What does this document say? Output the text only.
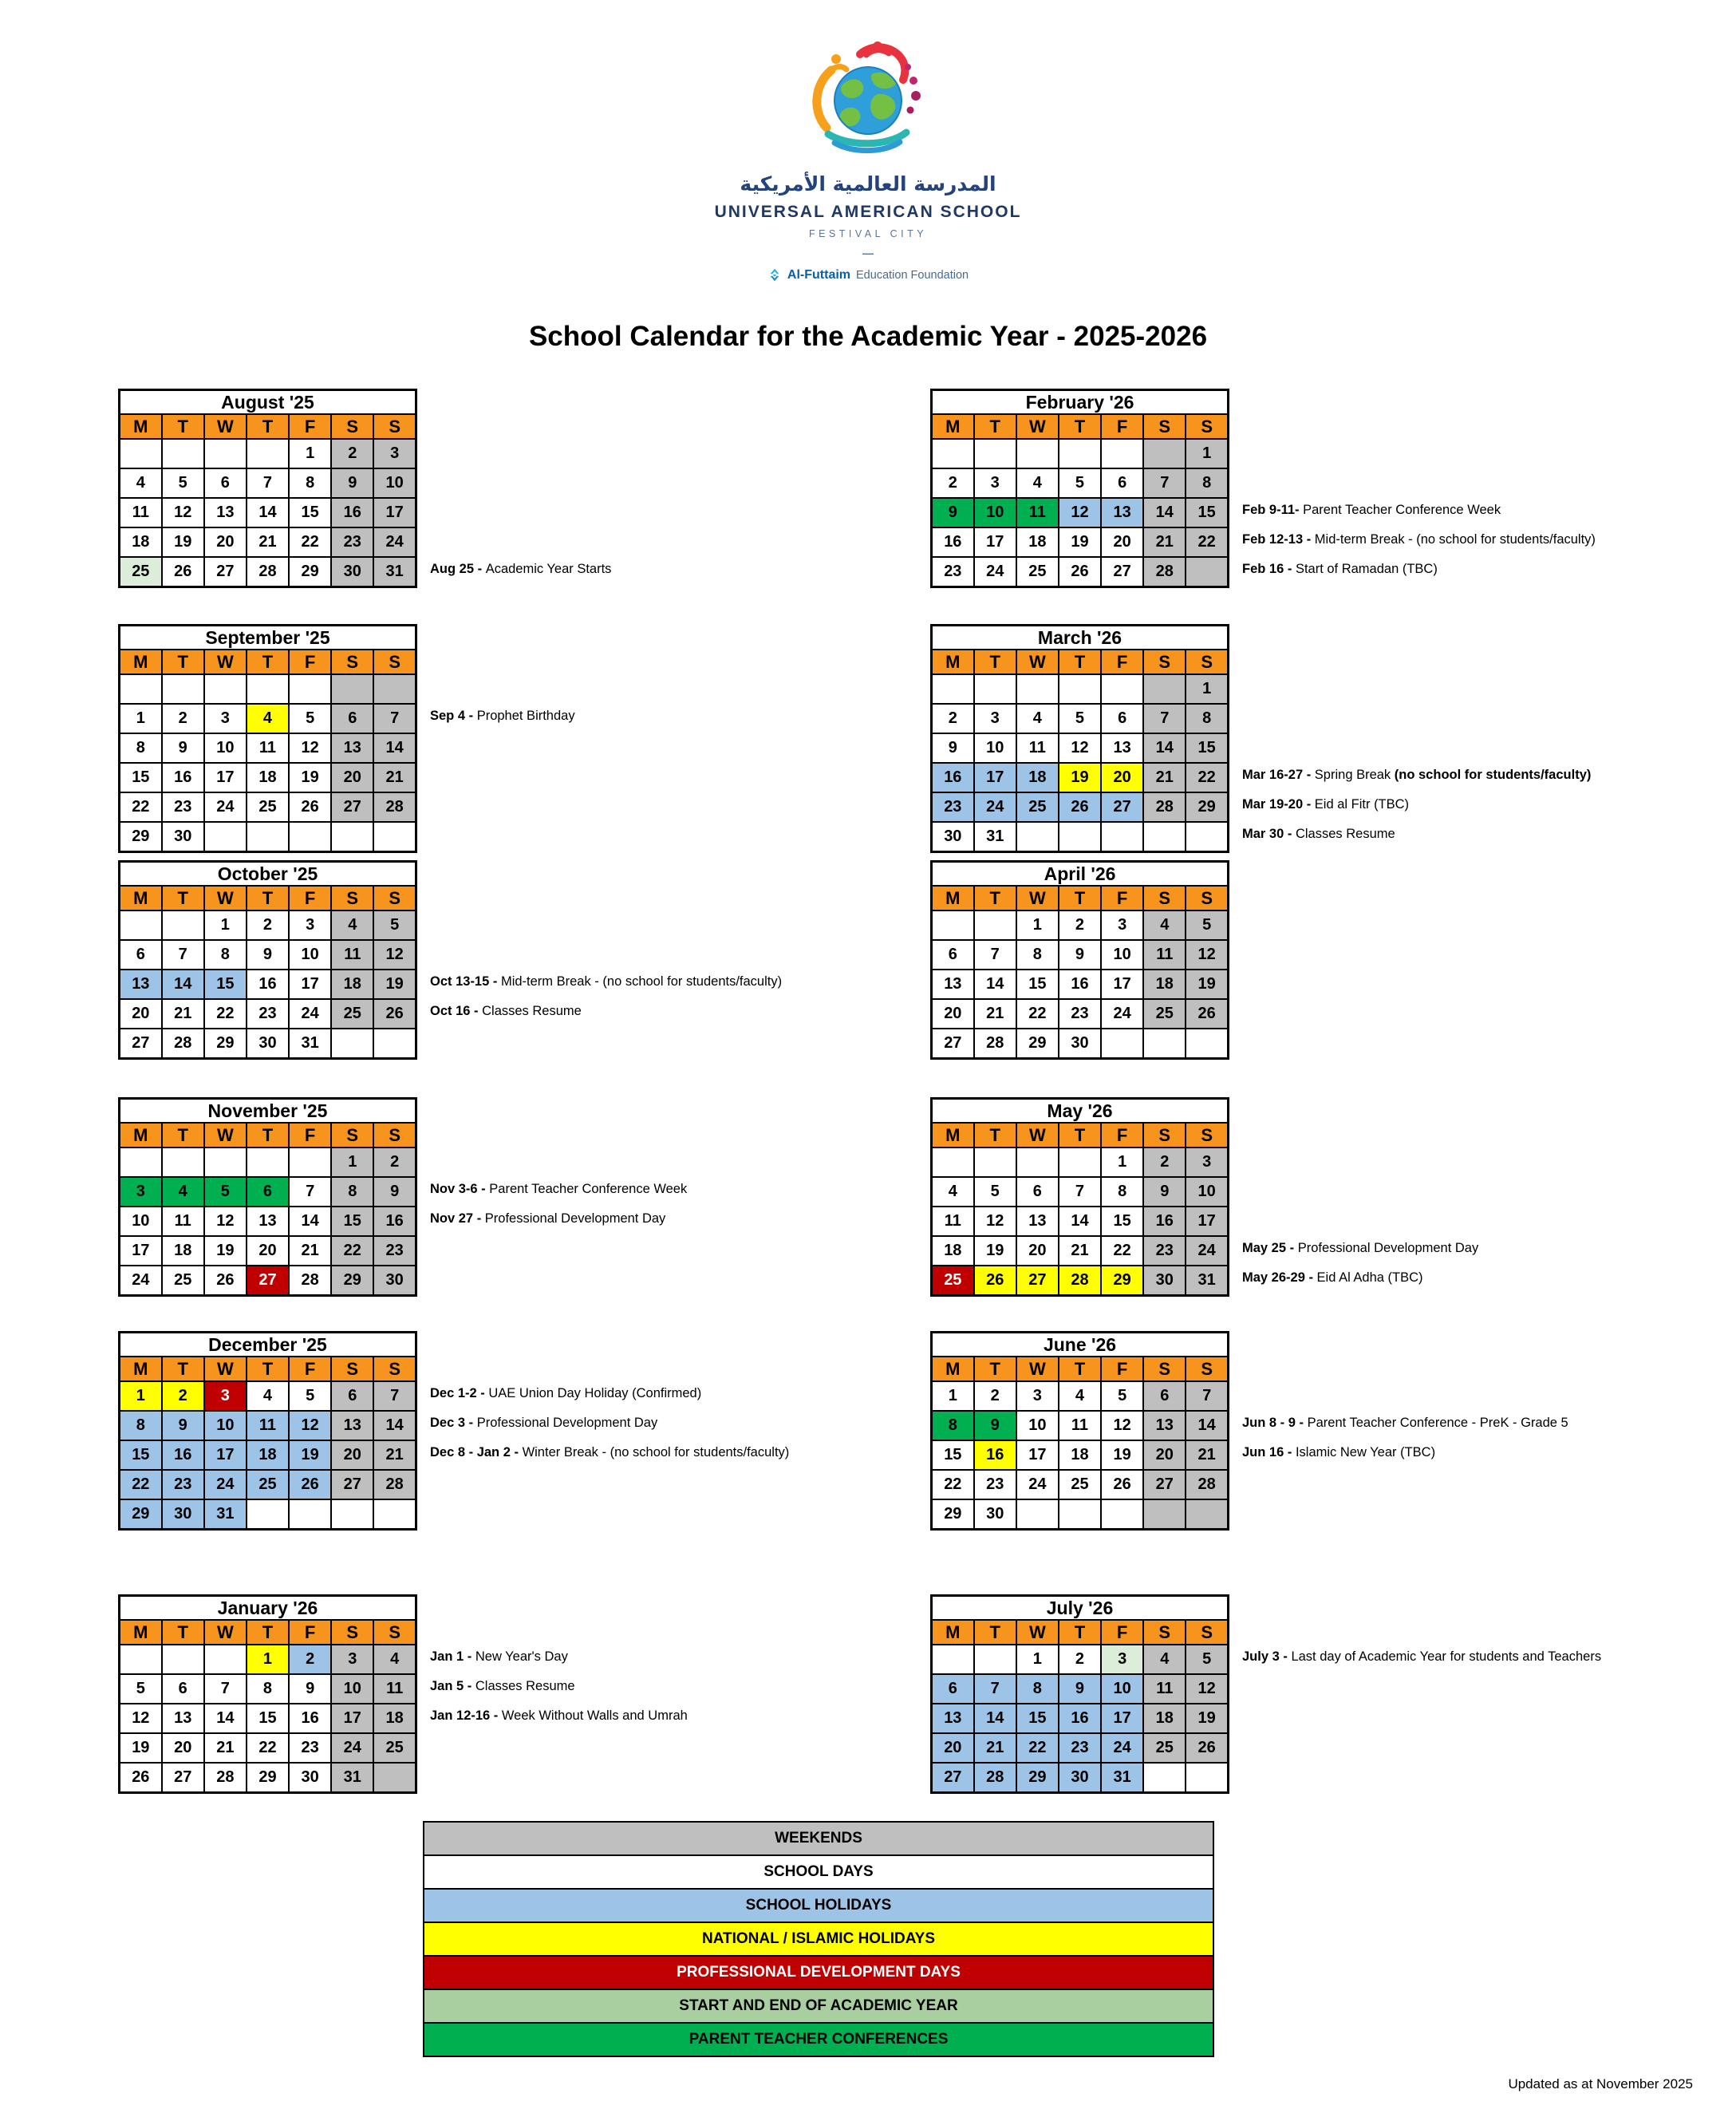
المدرسة العالمية الأمريكية
UNIVERSAL AMERICAN SCHOOL
FESTIVAL CITY
—
Al-Futtaim Education Foundation
School Calendar for the Academic Year - 2025-2026
August '25						
M	T	W	T	F	S	S
				1	2	3
4	5	6	7	8	9	10
11	12	13	14	15	16	17
18	19	20	21	22	23	24
25	26	27	28	29	30	31 Aug 25 - Academic Year Starts
February '26						
M	T	W	T	F	S	S
						1
2	3	4	5	6	7	8
9	10	11	12	13	14	15
16	17	18	19	20	21	22
23	24	25	26	27	28	
Feb 9-11- Parent Teacher Conference Week
Feb 12-13 - Mid-term Break - (no school for students/faculty)
Feb 16 - Start of Ramadan (TBC)
September '25						
M	T	W	T	F	S	S

1	2	3	4	5	6	7
8	9	10	11	12	13	14
15	16	17	18	19	20	21
22	23	24	25	26	27	28
29	30					
Sep 4 - Prophet Birthday
March '26						
M	T	W	T	F	S	S
						1
2	3	4	5	6	7	8
9	10	11	12	13	14	15
16	17	18	19	20	21	22
23	24	25	26	27	28	29
30	31					
Mar 16-27 - Spring Break (no school for students/faculty)
Mar 19-20 - Eid al Fitr (TBC)
Mar 30 - Classes Resume
October '25						
M	T	W	T	F	S	S
		1	2	3	4	5
6	7	8	9	10	11	12
13	14	15	16	17	18	19
20	21	22	23	24	25	26
27	28	29	30	31		
Oct 13-15 - Mid-term Break - (no school for students/faculty)
Oct 16 - Classes Resume
April '26						
M	T	W	T	F	S	S
		1	2	3	4	5
6	7	8	9	10	11	12
13	14	15	16	17	18	19
20	21	22	23	24	25	26
27	28	29	30			
November '25						
M	T	W	T	F	S	S
					1	2
3	4	5	6	7	8	9
10	11	12	13	14	15	16
17	18	19	20	21	22	23
24	25	26	27	28	29	30
Nov 3-6 - Parent Teacher Conference Week
Nov 27 - Professional Development Day
May '26						
M	T	W	T	F	S	S
				1	2	3
4	5	6	7	8	9	10
11	12	13	14	15	16	17
18	19	20	21	22	23	24
25	26	27	28	29	30	31
May 25 - Professional Development Day
May 26-29 - Eid Al Adha (TBC)
December '25						
M	T	W	T	F	S	S
1	2	3	4	5	6	7
8	9	10	11	12	13	14
15	16	17	18	19	20	21
22	23	24	25	26	27	28
29	30	31				
Dec 1-2 - UAE Union Day Holiday (Confirmed)
Dec 3 - Professional Development Day
Dec 8 - Jan 2 - Winter Break - (no school for students/faculty)
June '26						
M	T	W	T	F	S	S
1	2	3	4	5	6	7
8	9	10	11	12	13	14
15	16	17	18	19	20	21
22	23	24	25	26	27	28
29	30					
Jun 8 - 9 - Parent Teacher Conference - PreK - Grade 5
Jun 16 - Islamic New Year (TBC)
January '26						
M	T	W	T	F	S	S
			1	2	3	4
5	6	7	8	9	10	11
12	13	14	15	16	17	18
19	20	21	22	23	24	25
26	27	28	29	30	31	
Jan 1 - New Year's Day
Jan 5 - Classes Resume
Jan 12-16 - Week Without Walls and Umrah
July '26						
M	T	W	T	F	S	S
		1	2	3	4	5
6	7	8	9	10	11	12
13	14	15	16	17	18	19
20	21	22	23	24	25	26
27	28	29	30	31		
July 3 - Last day of Academic Year for students and Teachers
WEEKENDS
SCHOOL DAYS
SCHOOL HOLIDAYS
NATIONAL / ISLAMIC HOLIDAYS
PROFESSIONAL DEVELOPMENT DAYS
START AND END OF ACADEMIC YEAR
PARENT TEACHER CONFERENCES
Updated as at November 2025
